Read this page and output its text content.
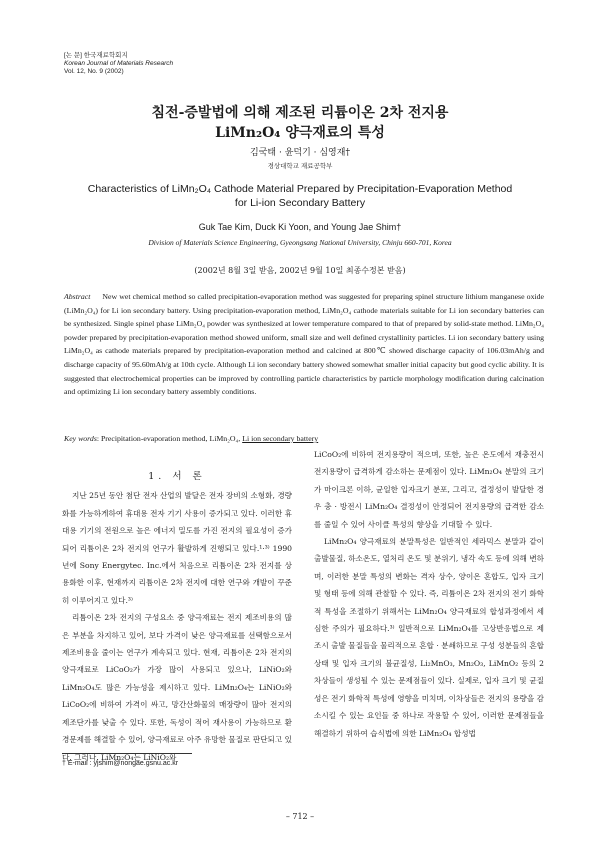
[논 문] 한국재료학회지
Korean Journal of Materials Research
Vol. 12, No. 9 (2002)
침전-증발법에 의해 제조된 리튬이온 2차 전지용
LiMn₂O₄ 양극재료의 특성
김국태 · 윤덕기 · 심영재†
경상대학교 재료공학부
Characteristics of LiMn₂O₄ Cathode Material Prepared by Precipitation-Evaporation Method
for Li-ion Secondary Battery
Guk Tae Kim, Duck Ki Yoon, and Young Jae Shim†
Division of Materials Science Engineering, Gyeongsang National University, Chinju 660-701, Korea
(2002년 8월 3일 받음, 2002년 9월 10일 최종수정본 받음)
Abstract New wet chemical method so called precipitation-evaporation method was suggested for preparing spinel structure lithium manganese oxide (LiMn₂O₄) for Li ion secondary battery. Using precipitation-evaporation method, LiMn₂O₄ cathode materials suitable for Li ion secondary batteries can be synthesized. Single spinel phase LiMn₂O₄ powder was synthesized at lower temperature compared to that of prepared by solid-state method. LiMn₂O₄ powder prepared by precipitation-evaporation method showed uniform, small size and well defined crystallinity particles. Li ion secondary battery using LiMn₂O₄ as cathode materials prepared by precipitation-evaporation method and calcined at 800℃ showed discharge capacity of 106.03mAh/g and discharge capacity of 95.60mAh/g at 10th cycle. Although Li ion secondary battery showed somewhat smaller initial capacity but good cyclic ability. It is suggested that electrochemical properties can be improved by controlling particle characteristics by particle morphology modification during calcination and optimizing Li ion secondary battery assembly conditions.
Key words: Precipitation-evaporation method, LiMn₂O₄, Li ion secondary battery
1. 서 론

지난 25년 동안 첨단 전자 산업의 발달은 전자 장비의 소형화, 경량화를 가능하게하여 휴대용 전자 기기 사용이 증가되고 있다. 이러한 휴대용 기기의 전원으로 높은 에너지 밀도를 가진 전지의 필요성이 증가되어 리튬이온 2차 전지의 연구가 활발하게 진행되고 있다.¹·³⁾ 1990년에 Sony Energytec. Inc.에서 처음으로 리튬이온 2차 전지를 상용화한 이후, 현재까지 리튬이온 2차 전지에 대한 연구와 개발이 꾸준히 이루어지고 있다.³⁾

리튬이온 2차 전지의 구성요소 중 양극재료는 전지 제조비용의 많은 부분을 차지하고 있어, 보다 가격이 낮은 양극재료를 선택함으로서 제조비용을 줄이는 연구가 계속되고 있다. 현재, 리튬이온 2차 전지의 양극재료로 LiCoO₂가 가장 많이 사용되고 있으나, LiNiO₂와 LiMn₂O₄도 많은 가능성을 제시하고 있다. LiMn₂O₄는 LiNiO₂와 LiCoO₂에 비하여 가격이 싸고, 망간산화물의 매장량이 많아 전지의 제조단가를 낮출 수 있다. 또한, 독성이 적어 재사용이 가능하므로 환경문제를 해결할 수 있어, 양극재료로 아주 유망한 물질로 판단되고 있다. 그러나, LiMn₂O₄는 LiNiO₂와

LiCoO₂에 비하여 전지용량이 적으며, 또한, 높은 온도에서 재충전시 전지용량이 급격하게 감소하는 문제점이 있다. LiMn₂O₄ 분말의 크기가 마이크론 이하, 균일한 입자크기 분포, 그리고, 결정성이 발달한 경우 충 · 방전시 LiMn₂O₄ 결정성이 안정되어 전지용량의 급격한 감소를 줄일 수 있어 사이클 특성의 향상을 기대할 수 있다.

LiMn₂O₄ 양극재료의 분말특성은 일반적인 세라믹스 분말과 같이 출발물질, 하소온도, 열처리 온도 및 분위기, 냉각 속도 등에 의해 변하며, 이러한 분말 특성의 변화는 격자 상수, 양이온 혼합도, 입자 크기 및 형태 등에 의해 관찰할 수 있다. 즉, 리튬이온 2차 전지의 전기 화학적 특성을 조절하기 위해서는 LiMn₂O₄ 양극재료의 합성과정에서 세심한 주의가 필요하다.³⁾ 일반적으로 LiMn₂O₄를 고상반응법으로 제조시 출발 물질들을 물리적으로 혼합 · 분쇄하므로 구성 성분들의 혼합 상태 및 입자 크기의 불균질성, Li₂MnO₃, Mn₂O₃, LiMnO₂ 등의 2차상들이 생성될 수 있는 문제점들이 있다. 실제로, 입자 크기 및 균질성은 전기 화학적 특성에 영향을 미치며, 이차상들은 전지의 용량을 감소시킬 수 있는 요인들 중 하나로 작용할 수 있어, 이러한 문제점들을 해결하기 위하여 습식법에 의한 LiMn₂O₄ 합성법

† E-mail : yjshim@nongae.gsnu.ac.kr
– 712 –
